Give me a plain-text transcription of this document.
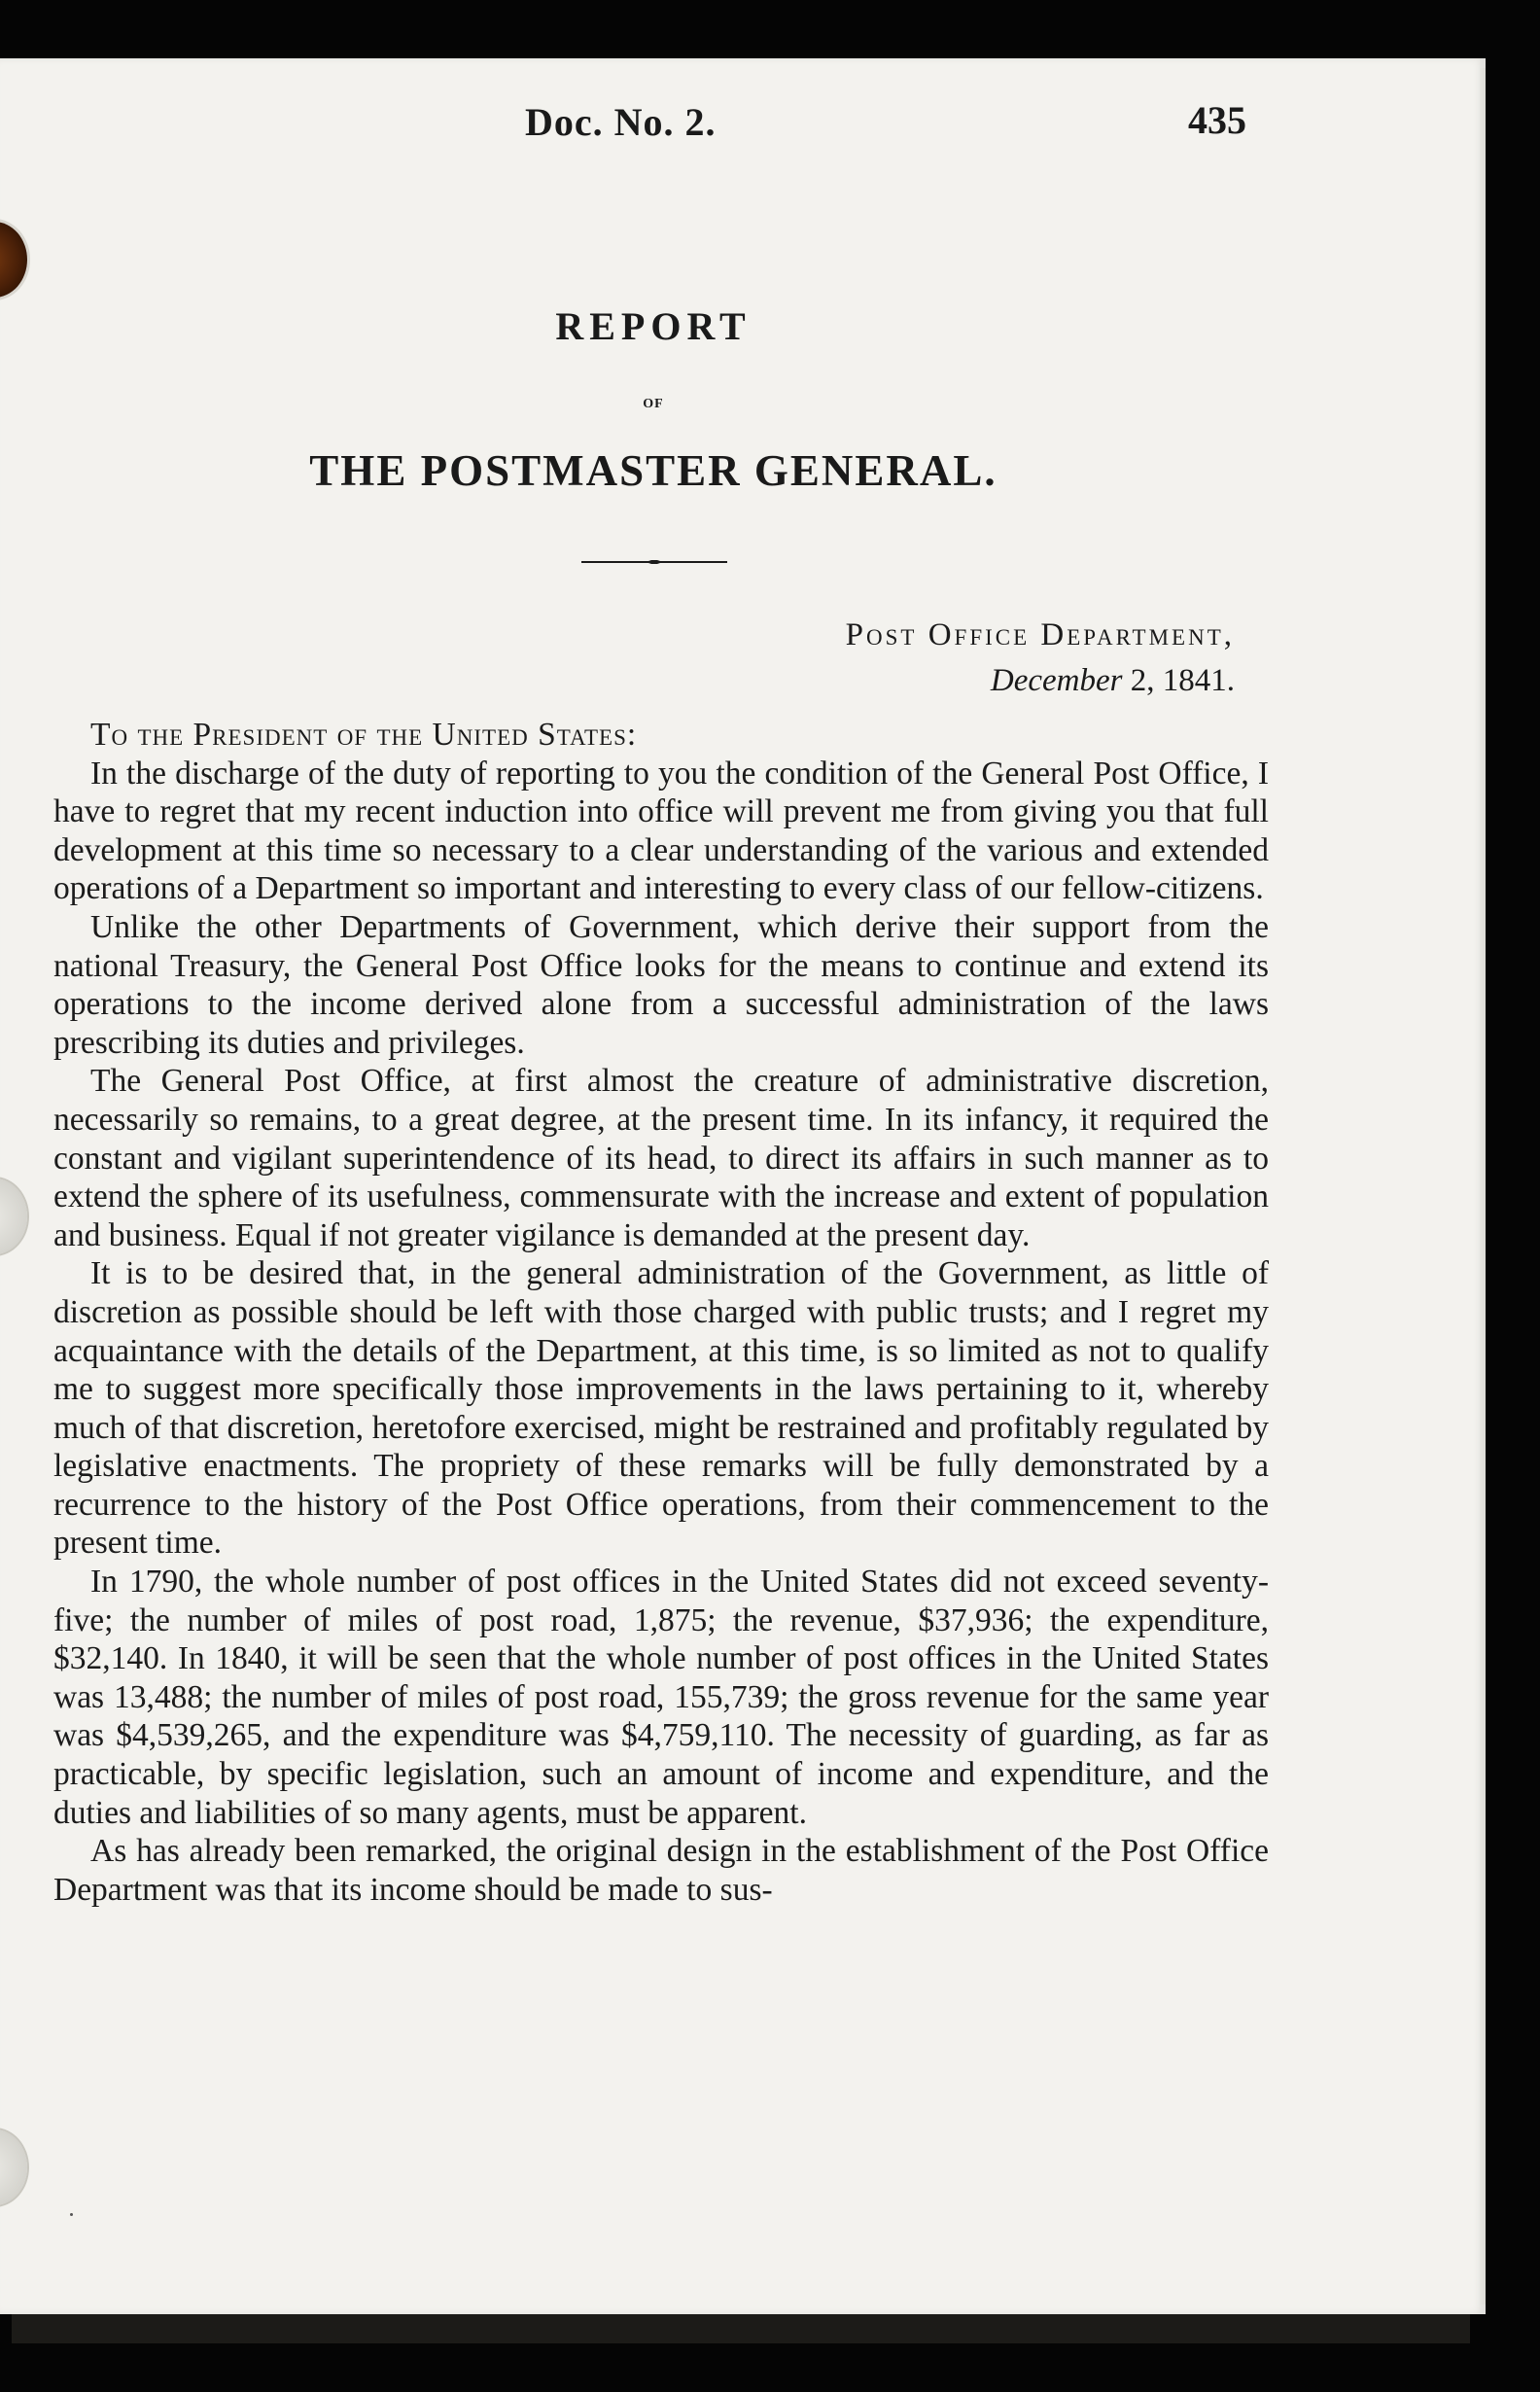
Doc. No. 2.	435
REPORT
OF
THE POSTMASTER GENERAL.
Post Office Department,
December 2, 1841.

To the President of the United States:

In the discharge of the duty of reporting to you the condition of the General Post Office, I have to regret that my recent induction into office will prevent me from giving you that full development at this time so necessary to a clear understanding of the various and extended operations of a Department so important and interesting to every class of our fellow-citizens.

Unlike the other Departments of Government, which derive their support from the national Treasury, the General Post Office looks for the means to continue and extend its operations to the income derived alone from a successful administration of the laws prescribing its duties and privileges.

The General Post Office, at first almost the creature of administrative discretion, necessarily so remains, to a great degree, at the present time. In its infancy, it required the constant and vigilant superintendence of its head, to direct its affairs in such manner as to extend the sphere of its usefulness, commensurate with the increase and extent of population and business. Equal if not greater vigilance is demanded at the present day.

It is to be desired that, in the general administration of the Government, as little of discretion as possible should be left with those charged with public trusts; and I regret my acquaintance with the details of the Department, at this time, is so limited as not to qualify me to suggest more specifically those improvements in the laws pertaining to it, whereby much of that discretion, heretofore exercised, might be restrained and profitably regulated by legislative enactments. The propriety of these remarks will be fully demonstrated by a recurrence to the history of the Post Office operations, from their commencement to the present time.

In 1790, the whole number of post offices in the United States did not exceed seventy-five; the number of miles of post road, 1,875; the revenue, $37,936; the expenditure, $32,140. In 1840, it will be seen that the whole number of post offices in the United States was 13,488; the number of miles of post road, 155,739; the gross revenue for the same year was $4,539,265, and the expenditure was $4,759,110. The necessity of guarding, as far as practicable, by specific legislation, such an amount of income and expenditure, and the duties and liabilities of so many agents, must be apparent.

As has already been remarked, the original design in the establishment of the Post Office Department was that its income should be made to sus-
